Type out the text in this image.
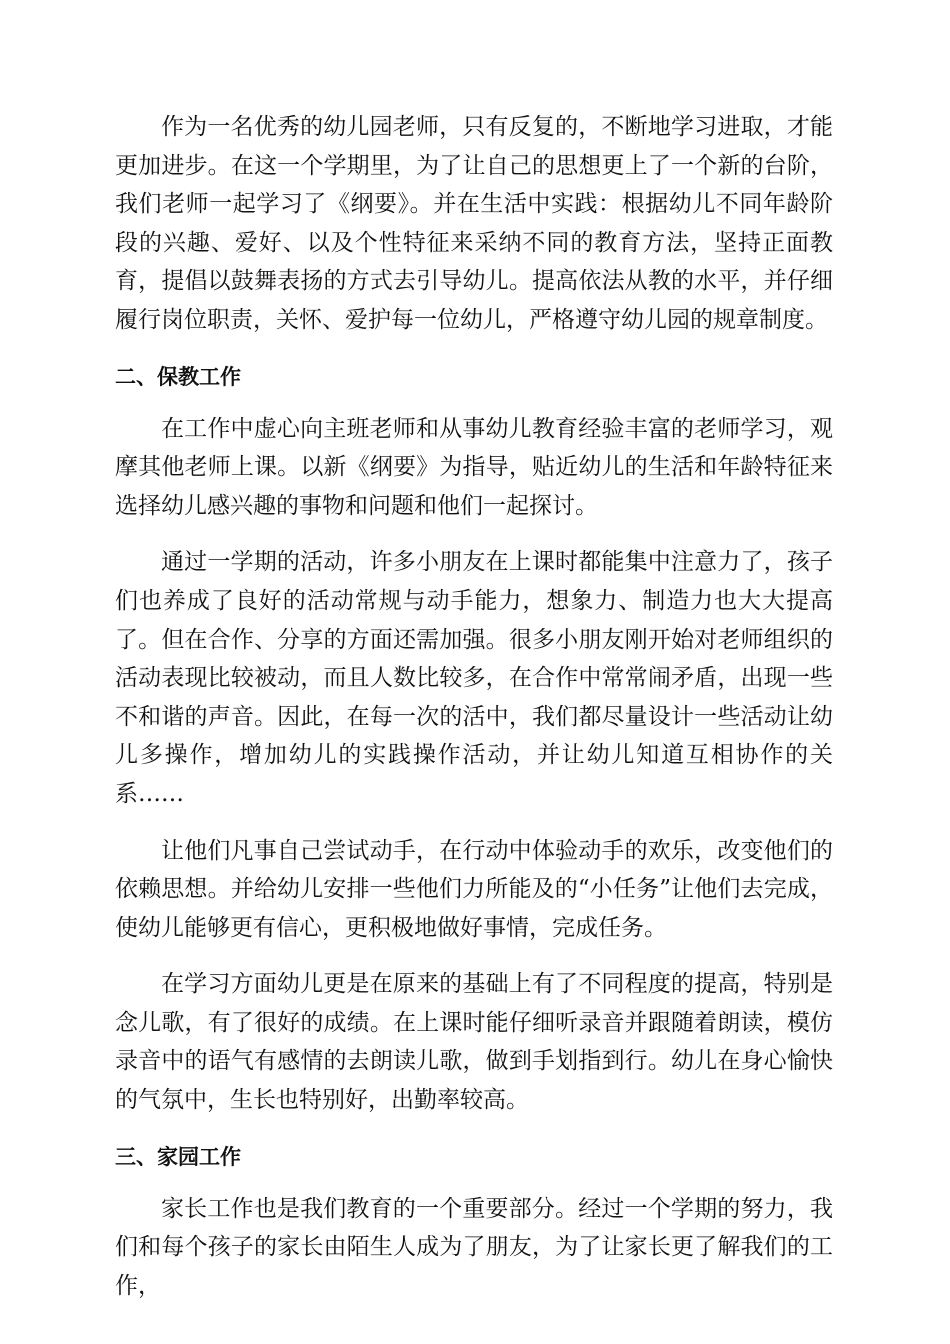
作为一名优秀的幼儿园老师，只有反复的，不断地学习进取，才能更加进步。在这一个学期里，为了让自己的思想更上了一个新的台阶，我们老师一起学习了《纲要》。并在生活中实践：根据幼儿不同年龄阶段的兴趣、爱好、以及个性特征来采纳不同的教育方法，坚持正面教育，提倡以鼓舞表扬的方式去引导幼儿。提高依法从教的水平，并仔细履行岗位职责，关怀、爱护每一位幼儿，严格遵守幼儿园的规章制度。

二、保教工作

在工作中虚心向主班老师和从事幼儿教育经验丰富的老师学习，观摩其他老师上课。以新《纲要》为指导，贴近幼儿的生活和年龄特征来选择幼儿感兴趣的事物和问题和他们一起探讨。

通过一学期的活动，许多小朋友在上课时都能集中注意力了，孩子们也养成了良好的活动常规与动手能力，想象力、制造力也大大提高了。但在合作、分享的方面还需加强。很多小朋友刚开始对老师组织的活动表现比较被动，而且人数比较多，在合作中常常闹矛盾，出现一些不和谐的声音。因此，在每一次的活中，我们都尽量设计一些活动让幼儿多操作，增加幼儿的实践操作活动，并让幼儿知道互相协作的关系……

让他们凡事自己尝试动手，在行动中体验动手的欢乐，改变他们的依赖思想。并给幼儿安排一些他们力所能及的“小任务”让他们去完成，使幼儿能够更有信心，更积极地做好事情，完成任务。

在学习方面幼儿更是在原来的基础上有了不同程度的提高，特别是念儿歌，有了很好的成绩。在上课时能仔细听录音并跟随着朗读，模仿录音中的语气有感情的去朗读儿歌，做到手划指到行。幼儿在身心愉快的气氛中，生长也特别好，出勤率较高。

三、家园工作

家长工作也是我们教育的一个重要部分。经过一个学期的努力，我们和每个孩子的家长由陌生人成为了朋友，为了让家长更了解我们的工作，
